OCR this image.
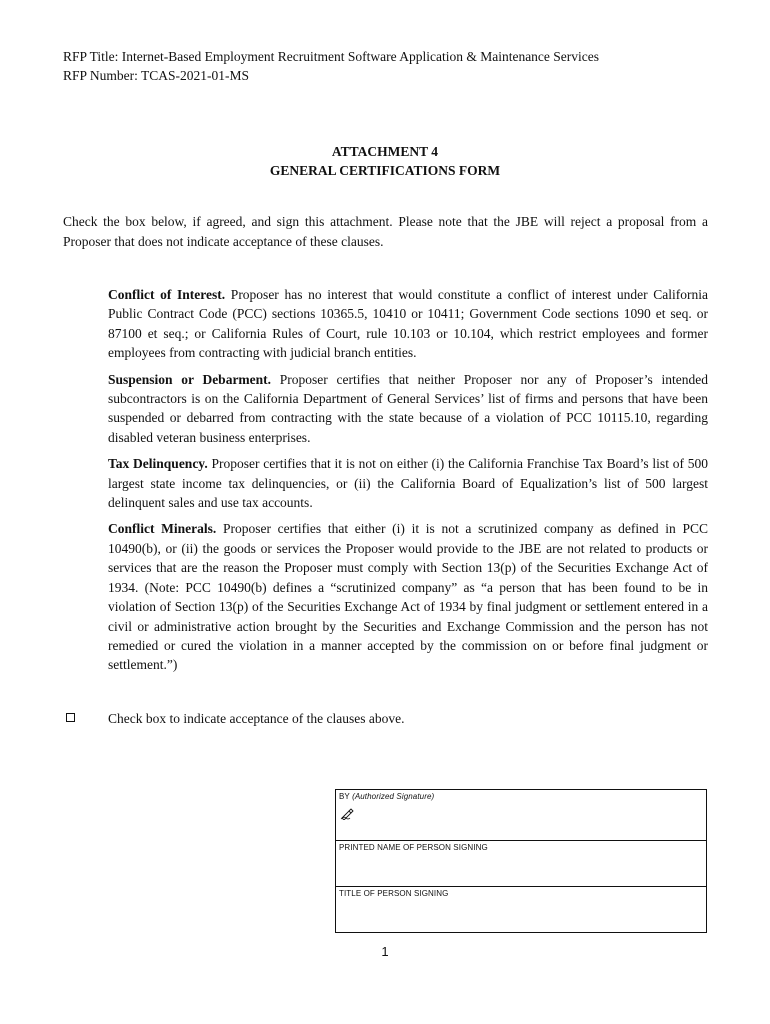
RFP Title: Internet-Based Employment Recruitment Software Application & Maintenance Services
RFP Number: TCAS-2021-01-MS
ATTACHMENT 4
GENERAL CERTIFICATIONS FORM
Check the box below, if agreed, and sign this attachment. Please note that the JBE will reject a proposal from a Proposer that does not indicate acceptance of these clauses.

Conflict of Interest. Proposer has no interest that would constitute a conflict of interest under California Public Contract Code (PCC) sections 10365.5, 10410 or 10411; Government Code sections 1090 et seq. or 87100 et seq.; or California Rules of Court, rule 10.103 or 10.104, which restrict employees and former employees from contracting with judicial branch entities.

Suspension or Debarment. Proposer certifies that neither Proposer nor any of Proposer’s intended subcontractors is on the California Department of General Services’ list of firms and persons that have been suspended or debarred from contracting with the state because of a violation of PCC 10115.10, regarding disabled veteran business enterprises.

Tax Delinquency. Proposer certifies that it is not on either (i) the California Franchise Tax Board’s list of 500 largest state income tax delinquencies, or (ii) the California Board of Equalization’s list of 500 largest delinquent sales and use tax accounts.

Conflict Minerals. Proposer certifies that either (i) it is not a scrutinized company as defined in PCC 10490(b), or (ii) the goods or services the Proposer would provide to the JBE are not related to products or services that are the reason the Proposer must comply with Section 13(p) of the Securities Exchange Act of 1934. (Note: PCC 10490(b) defines a “scrutinized company” as “a person that has been found to be in violation of Section 13(p) of the Securities Exchange Act of 1934 by final judgment or settlement entered in a civil or administrative action brought by the Securities and Exchange Commission and the person has not remedied or cured the violation in a manner accepted by the commission on or before final judgment or settlement.”)

Check box to indicate acceptance of the clauses above.
BY (Authorized Signature)
PRINTED NAME OF PERSON SIGNING
TITLE OF PERSON SIGNING
1
